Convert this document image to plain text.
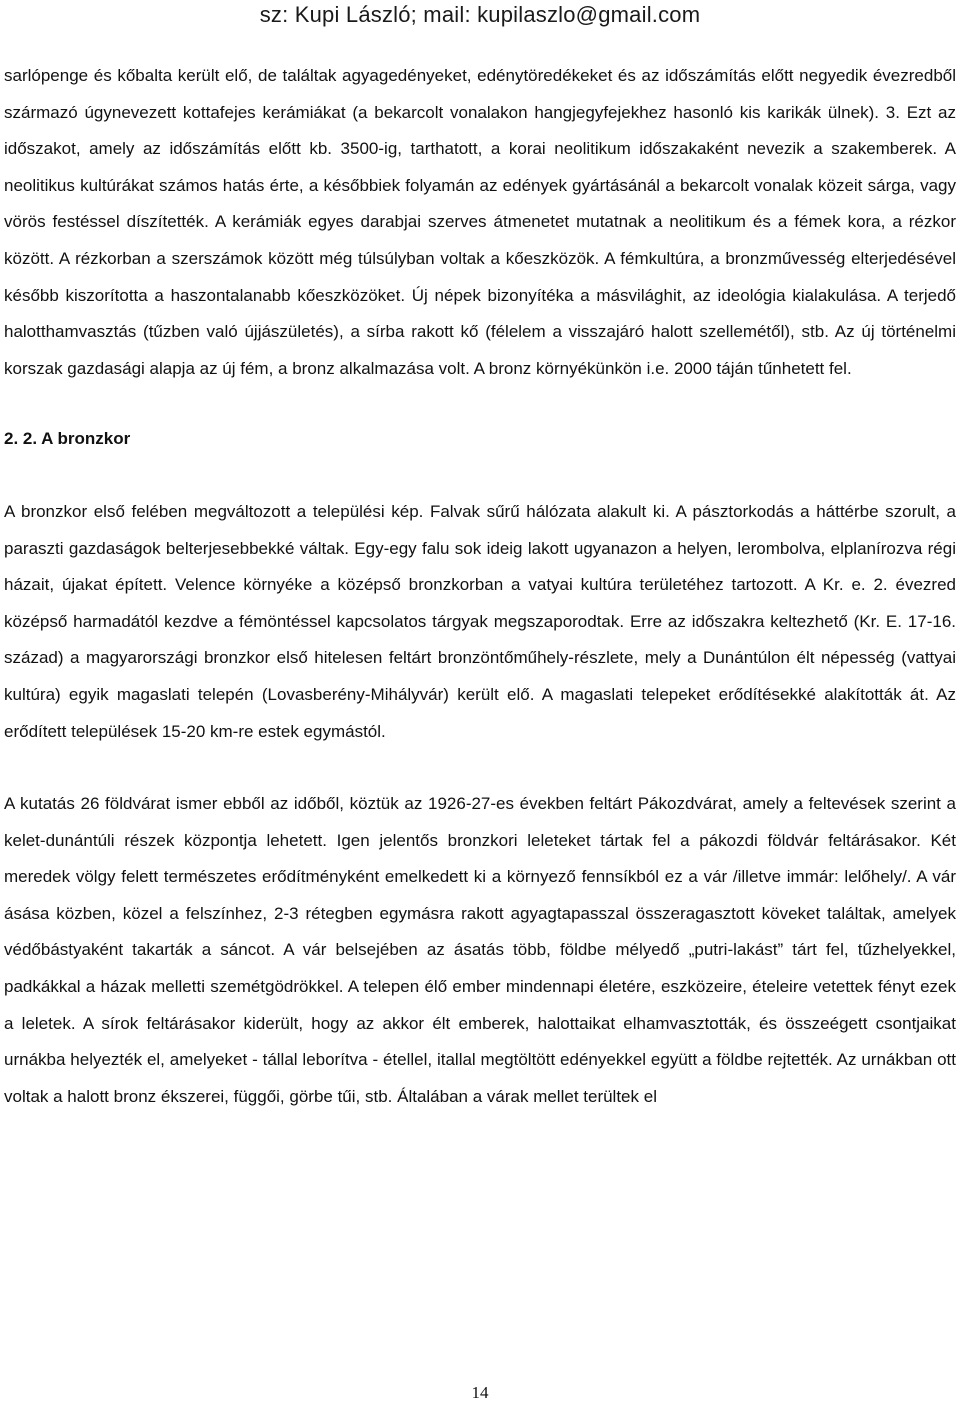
sz: Kupi László; mail: kupilaszlo@gmail.com

sarlópenge és kőbalta került elő, de találtak agyagedényeket, edénytöredékeket és az időszámítás előtt negyedik évezredből származó úgynevezett kottafejes kerámiákat (a bekarcolt vonalakon hangjegyfejekhez hasonló kis karikák ülnek). 3. Ezt az időszakot, amely az időszámítás előtt kb. 3500-ig, tarthatott, a korai neolitikum időszakaként nevezik a szakemberek. A neolitikus kultúrákat számos hatás érte, a későbbiek folyamán az edények gyártásánál a bekarcolt vonalak közeit sárga, vagy vörös festéssel díszítették. A kerámiák egyes darabjai szerves átmenetet mutatnak a neolitikum és a fémek kora, a rézkor között. A rézkorban a szerszámok között még túlsúlyban voltak a kőeszközök. A fémkultúra, a bronzművesség elterjedésével később kiszorította a haszontalanabb kőeszközöket. Új népek bizonyítéka a másvilághit, az ideológia kialakulása. A terjedő halotthamvasztás (tűzben való újjászületés), a sírba rakott kő (félelem a visszajáró halott szellemétől), stb. Az új történelmi korszak gazdasági alapja az új fém, a bronz alkalmazása volt. A bronz környékünkön i.e. 2000 táján tűnhetett fel.

2. 2. A bronzkor

A bronzkor első felében megváltozott a települési kép. Falvak sűrű hálózata alakult ki. A pásztorkodás a háttérbe szorult, a paraszti gazdaságok belterjesebbekké váltak. Egy-egy falu sok ideig lakott ugyanazon a helyen, lerombolva, elplanírozva régi házait, újakat épített. Velence környéke a középső bronzkorban a vatyai kultúra területéhez tartozott. A Kr. e. 2. évezred középső harmadától kezdve a fémöntéssel kapcsolatos tárgyak megszaporodtak. Erre az időszakra keltezhető (Kr. E. 17-16. század) a magyarországi bronzkor első hitelesen feltárt bronzöntőműhely-részlete, mely a Dunántúlon élt népesség (vattyai kultúra) egyik magaslati telepén (Lovasberény-Mihályvár) került elő. A magaslati telepeket erődítésekké alakították át. Az erődített települések 15-20 km-re estek egymástól.

A kutatás 26 földvárat ismer ebből az időből, köztük az 1926-27-es években feltárt Pákozdvárat, amely a feltevések szerint a kelet-dunántúli részek központja lehetett. Igen jelentős bronzkori leleteket tártak fel a pákozdi földvár feltárásakor. Két meredek völgy felett természetes erődítményként emelkedett ki a környező fennsíkból ez a vár /illetve immár: lelőhely/. A vár ásása közben, közel a felszínhez, 2-3 rétegben egymásra rakott agyagtapasszal összeragasztott köveket találtak, amelyek védőbástyaként takarták a sáncot. A vár belsejében az ásatás több, földbe mélyedő „putri-lakást” tárt fel, tűzhelyekkel, padkákkal a házak melletti szemétgödrökkel. A telepen élő ember mindennapi életére, eszközeire, ételeire vetettek fényt ezek a leletek. A sírok feltárásakor kiderült, hogy az akkor élt emberek, halottaikat elhamvasztották, és összeégett csontjaikat urnákba helyezték el, amelyeket - tállal leborítva - étellel, itallal megtöltött edényekkel együtt a földbe rejtették. Az urnákban ott voltak a halott bronz ékszerei, függői, görbe tűi, stb. Általában a várak mellet terültek el

14
